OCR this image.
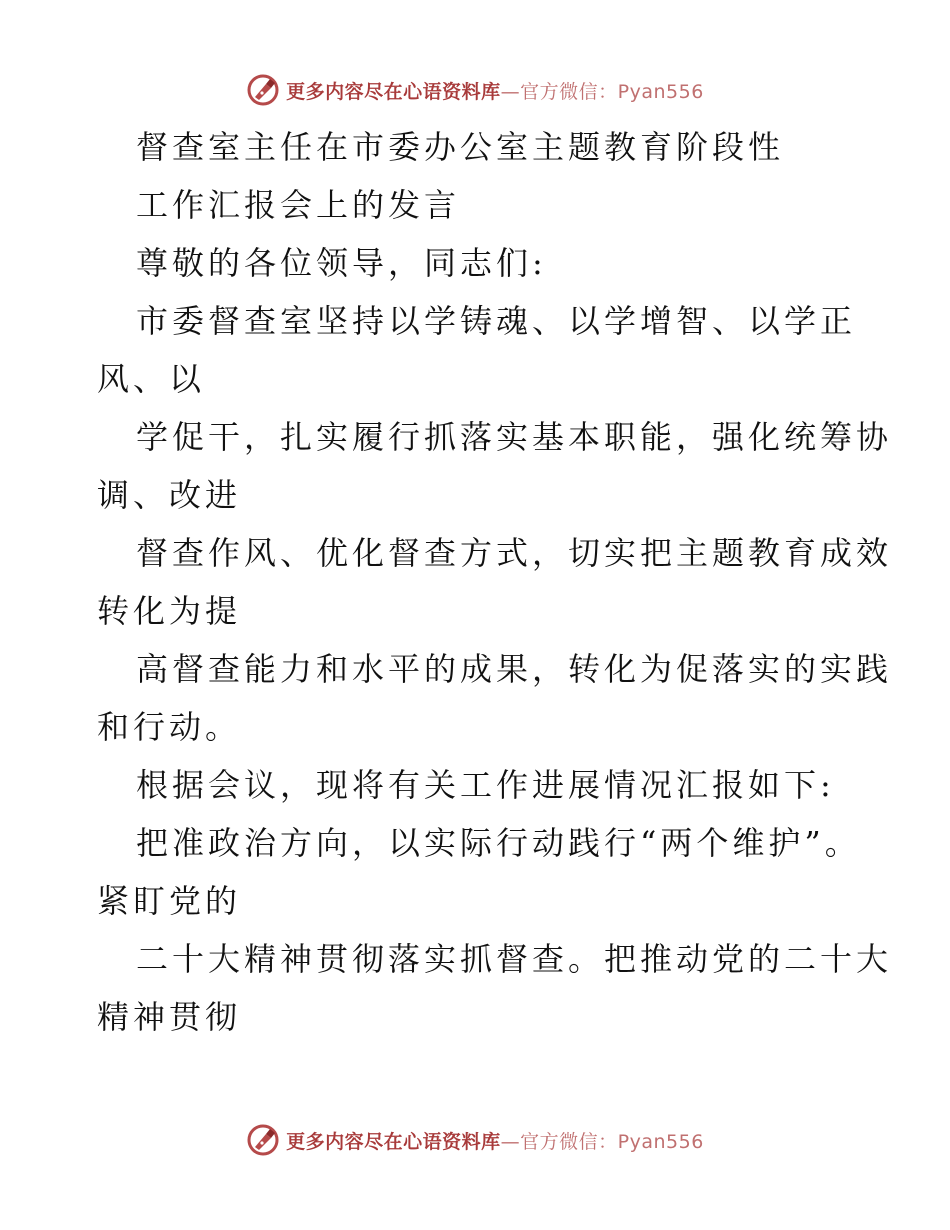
更多内容尽在心语资料库—官方微信：Pyan556
督查室主任在市委办公室主题教育阶段性
工作汇报会上的发言
尊敬的各位领导，同志们:
市委督查室坚持以学铸魂、以学增智、以学正
风、以
学促干，扎实履行抓落实基本职能，强化统筹协
调、改进
督查作风、优化督查方式，切实把主题教育成效
转化为提
高督查能力和水平的成果，转化为促落实的实践
和行动。
根据会议，现将有关工作进展情况汇报如下:
把准政治方向，以实际行动践行“两个维护”。
紧盯党的
二十大精神贯彻落实抓督查。把推动党的二十大
精神贯彻
更多内容尽在心语资料库—官方微信：Pyan556
